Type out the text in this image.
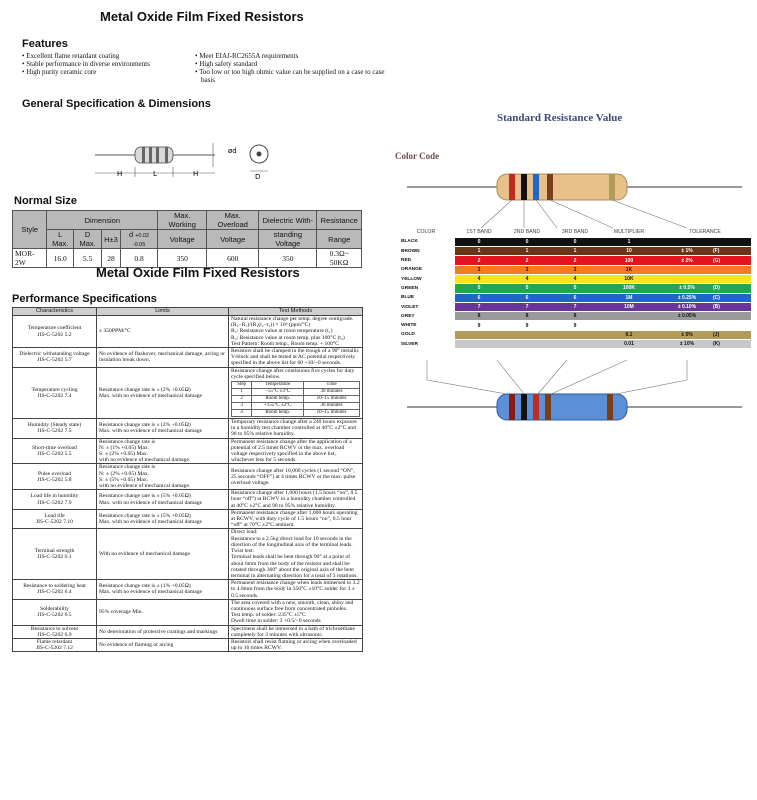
Metal Oxide Film Fixed Resistors
Features
• Excellent flame retardant coating
• Stable performance in diverse environments
• High purity ceramic core
• Meet EIAJ-RC2655A requirements
• High safety standard
• Too low or too high ohmic value can be supplied on a case to case basis
General Specification & Dimensions
H	L	H
ød
D
Normal Size
Style	Dimension				Max. Working	Max. Overload	Dielectric With-	Resistance
	L Max.	D Max.	H±3	d +0.02 -0.05	Voltage	Voltage	standing Voltage	Range
MOR-2W	16.0	5.5	28	0.8	350	600	350	0.3Ω~ 50KΩ
Metal Oxide Film Fixed Resistors
Performance Specifications
Characteristics	Limits	Test Methods

Temperature coefficient
JIS-C-5202 5.2

± 350PPM/°C

Natural resistance change per temp. degree centigrade.
(R₂−R₁)/(R₁(t₂−t₁)) × 10⁶ (ppm/°C)
R₁: Resistance value at room temperature (t₁)
R₂: Resistance value at room temp. plus 100°C (t₂)
Test Pattern: Room temp., Room temp. + 100°C

Dielectric withstanding voltage
JIS-C-5202 5.7

No evidence of flashover, mechanical damage, arcing or insulation break down.

Resistors shall be clamped in the trough of a 90° metallic V-block and shall be tested at AC potential respectively specified in the above list for 60 +10/−0 seconds.

Temperature cycling
JIS-C-5202 7.4

Resistance change rate is ± (2% +0.05Ω)
Max. with no evidence of mechanical damage

Resistance change after continuous five cycles for duty cycle specified below.
Step	Temperature	Time
1	−55°C ±3°C	30 minutes
2	Room temp.	10~15 minutes
3	+155°C ±2°C	30 minutes
4	Room temp.	10~15 minutes

Humidity (Steady state)
JIS-C-5202 7.5

Resistance change rate is ± (2% +0.05Ω)
Max. with no evidence of mechanical damage

Temporary resistance change after a 240 hours exposure in a humidity test chamber controlled at 40°C ±2°C and 90 to 95% relative humidity.

Short-time overload
JIS-C-5202 5.5

Resistance change rate is
N: ± (1% +0.05) Max.
S: ± (2% +0.05) Max.
with no evidence of mechanical damage.

Permanent resistance change after the application of a potential of 2.5 times RCWV or the max. overload voltage respectively specified in the above list, whichever less for 5 seconds.

Pulse overload
JIS-C-5202 5.8

Resistance change rate is
N: ± (2% +0.05) Max.
S: ± (5% +0.05) Max.
with no evidence of mechanical damage.

Resistance change after 10,000 cycles (1 second “ON”, 25 seconds “OFF”) at 4 times RCWV or the max. pulse overload voltage.

Load life in humidity
JIS-C-5202 7.9

Resistance change rate is ± (5% +0.05Ω)
Max. with no evidence of mechanical damage

Resistance change after 1,000 hours (1.5 hours “on”, 0.5 hour “off”) at RCWV in a humidity chamber controlled at 40°C ±2°C and 90 to 95% relative humidity.

Load life
JIS-C-5202 7.10

Resistance change rate is ± (5% +0.05Ω)
Max. with no evidence of mechanical damage

Permanent resistance change after 1,000 hours operating at RCWV, with duty cycle of 1.5 hours “on”, 0.5 hour “off” at 70°C ±2°C ambient.

Terminal strength
JIS-C-5202 6.1

With no evidence of mechanical damage

Direct load:
Resistance to a 2.5kg direct load for 10 seconds in the direction of the longitudinal axis of the terminal leads.
Twist test:
Terminal leads shall be bent through 90° at a point of about 6mm from the body of the resistor and shall be rotated through 360° about the original axis of the bent terminal in alternating direction for a total of 3 rotations.

Resistance to soldering heat
JIS-C-5202 6.4

Resistance change rate is ± (1% +0.05Ω)
Max. with no evidence of mechanical damage

Permanent resistance change when leads immersed to 3.2 to 4.8mm from the body in 350°C ±10°C solder for 3 ± 0.5 seconds.

Solderability
JIS-C-5202 6.5

95% coverage Min.

The area covered with a new, smooth, clean, shiny and continuous surface free from concentrated pinholes.
Test temp. of solder: 235°C ±5°C
Dwell time in solder: 3 +0.5/−0 seconds

Resistance to solvent
JIS-C-5202 6.9

No deterioration of protective coatings and markings

Specimens shall be immersed in a bath of trichroethane completely for 3 minutes with ultrasonic.

Flame retardant
JIS-C-5202 7.12

No evidence of flaming or arcing

Resistors shall resist flaming or arcing when overloaded up to 16 times RCWV.
Standard Resistance Value
Color Code
COLOR	1ST BAND	2ND BAND	3RD BAND	MULTIPLIER	TOLERANCE
BLACK	0	0	0	1	
BROWN	1	1	1	10	± 1% (F)
RED	2	2	2	100	± 2% (G)
ORANGE	3	3	3	1K	
YELLOW	4	4	4	10K	
GREEN	5	5	5	100K	± 0.5% (D)
BLUE	6	6	6	1M	± 0.25% (C)
VIOLET	7	7	7	10M	± 0.10% (B)
GREY	8	8	8		± 0.05%
WHITE	9	9	9		
GOLD				0.1	± 5% (J)
SILVER				0.01	± 10% (K)
